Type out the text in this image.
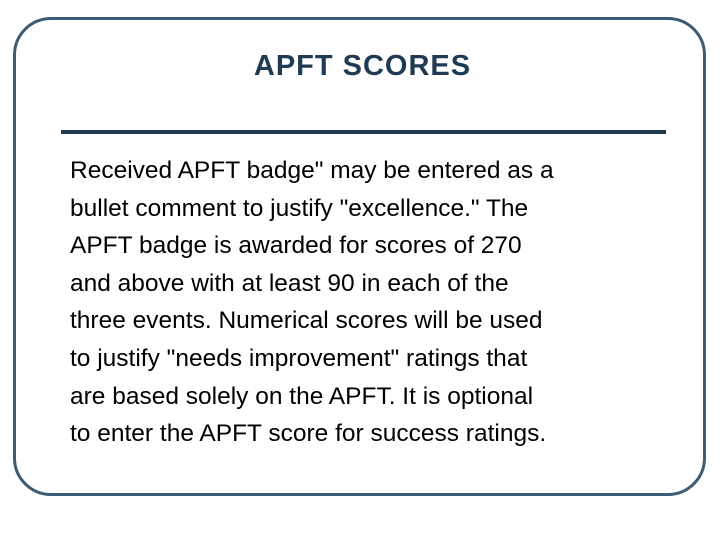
APFT SCORES

Received APFT badge" may be entered as a
bullet comment to justify "excellence." The
APFT badge is awarded for scores of 270
and above with at least 90 in each of the
three events. Numerical scores will be used
to justify "needs improvement" ratings that
are based solely on the APFT. It is optional
to enter the APFT score for success ratings.
